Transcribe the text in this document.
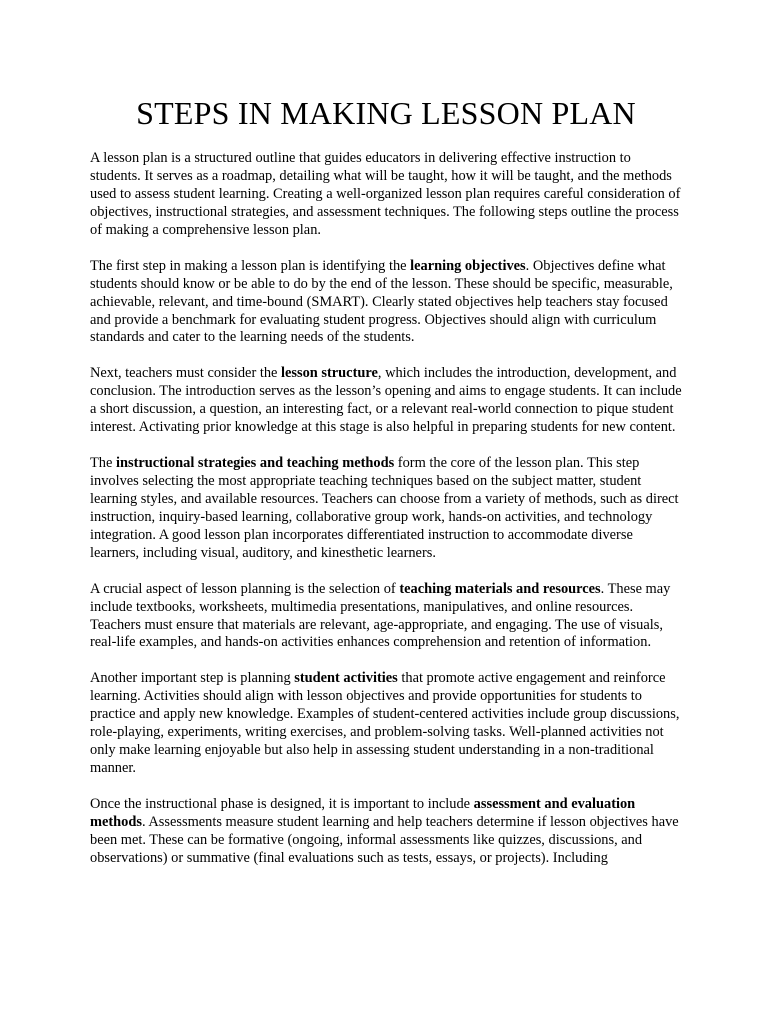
STEPS IN MAKING LESSON PLAN

A lesson plan is a structured outline that guides educators in delivering effective instruction to students. It serves as a roadmap, detailing what will be taught, how it will be taught, and the methods used to assess student learning. Creating a well-organized lesson plan requires careful consideration of objectives, instructional strategies, and assessment techniques. The following steps outline the process of making a comprehensive lesson plan.

The first step in making a lesson plan is identifying the learning objectives. Objectives define what students should know or be able to do by the end of the lesson. These should be specific, measurable, achievable, relevant, and time-bound (SMART). Clearly stated objectives help teachers stay focused and provide a benchmark for evaluating student progress. Objectives should align with curriculum standards and cater to the learning needs of the students.

Next, teachers must consider the lesson structure, which includes the introduction, development, and conclusion. The introduction serves as the lesson’s opening and aims to engage students. It can include a short discussion, a question, an interesting fact, or a relevant real-world connection to pique student interest. Activating prior knowledge at this stage is also helpful in preparing students for new content.

The instructional strategies and teaching methods form the core of the lesson plan. This step involves selecting the most appropriate teaching techniques based on the subject matter, student learning styles, and available resources. Teachers can choose from a variety of methods, such as direct instruction, inquiry-based learning, collaborative group work, hands-on activities, and technology integration. A good lesson plan incorporates differentiated instruction to accommodate diverse learners, including visual, auditory, and kinesthetic learners.

A crucial aspect of lesson planning is the selection of teaching materials and resources. These may include textbooks, worksheets, multimedia presentations, manipulatives, and online resources. Teachers must ensure that materials are relevant, age-appropriate, and engaging. The use of visuals, real-life examples, and hands-on activities enhances comprehension and retention of information.

Another important step is planning student activities that promote active engagement and reinforce learning. Activities should align with lesson objectives and provide opportunities for students to practice and apply new knowledge. Examples of student-centered activities include group discussions, role-playing, experiments, writing exercises, and problem-solving tasks. Well-planned activities not only make learning enjoyable but also help in assessing student understanding in a non-traditional manner.

Once the instructional phase is designed, it is important to include assessment and evaluation methods. Assessments measure student learning and help teachers determine if lesson objectives have been met. These can be formative (ongoing, informal assessments like quizzes, discussions, and observations) or summative (final evaluations such as tests, essays, or projects). Including
